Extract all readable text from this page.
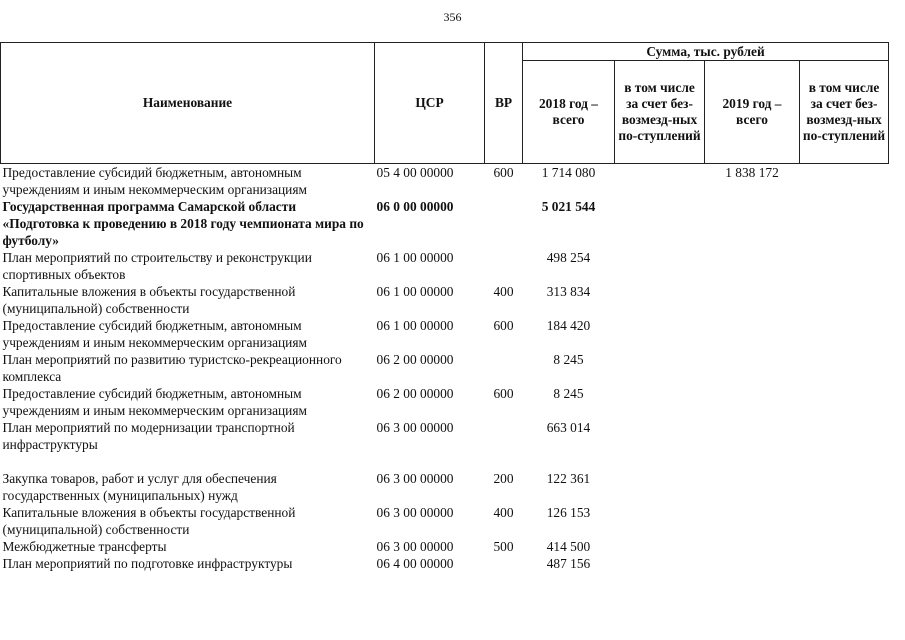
356
Наименование	ЦСР	ВР	Сумма, тыс. рублей			
			2018 год – всего	в том числе за счет без-возмезд-ных по-ступлений	2019 год – всего	в том числе за счет без-возмезд-ных по-ступлений
Предоставление субсидий бюджетным, автономным учреждениям и иным некоммерческим организациям	05 4 00 00000	600	1 714 080		1 838 172	
Государственная программа Самарской области «Подготовка к проведению в 2018 году чемпионата мира по футболу»	06 0 00 00000		5 021 544			
План мероприятий по строительству и реконструкции спортивных объектов	06 1 00 00000		498 254			
Капитальные вложения в объекты государственной (муниципальной) собственности	06 1 00 00000	400	313 834			
Предоставление субсидий бюджетным, автономным учреждениям и иным некоммерческим организациям	06 1 00 00000	600	184 420			
План мероприятий по развитию туристско-рекреационного комплекса	06 2 00 00000		8 245			
Предоставление субсидий бюджетным, автономным учреждениям и иным некоммерческим организациям	06 2 00 00000	600	8 245			
План мероприятий по модернизации транспортной инфраструктуры	06 3 00 00000		663 014			
Закупка товаров, работ и услуг для обеспечения государственных (муниципальных) нужд	06 3 00 00000	200	122 361			
Капитальные вложения в объекты государственной (муниципальной) собственности	06 3 00 00000	400	126 153			
Межбюджетные трансферты	06 3 00 00000	500	414 500			
План мероприятий по подготовке инфраструктуры	06 4 00 00000		487 156			
